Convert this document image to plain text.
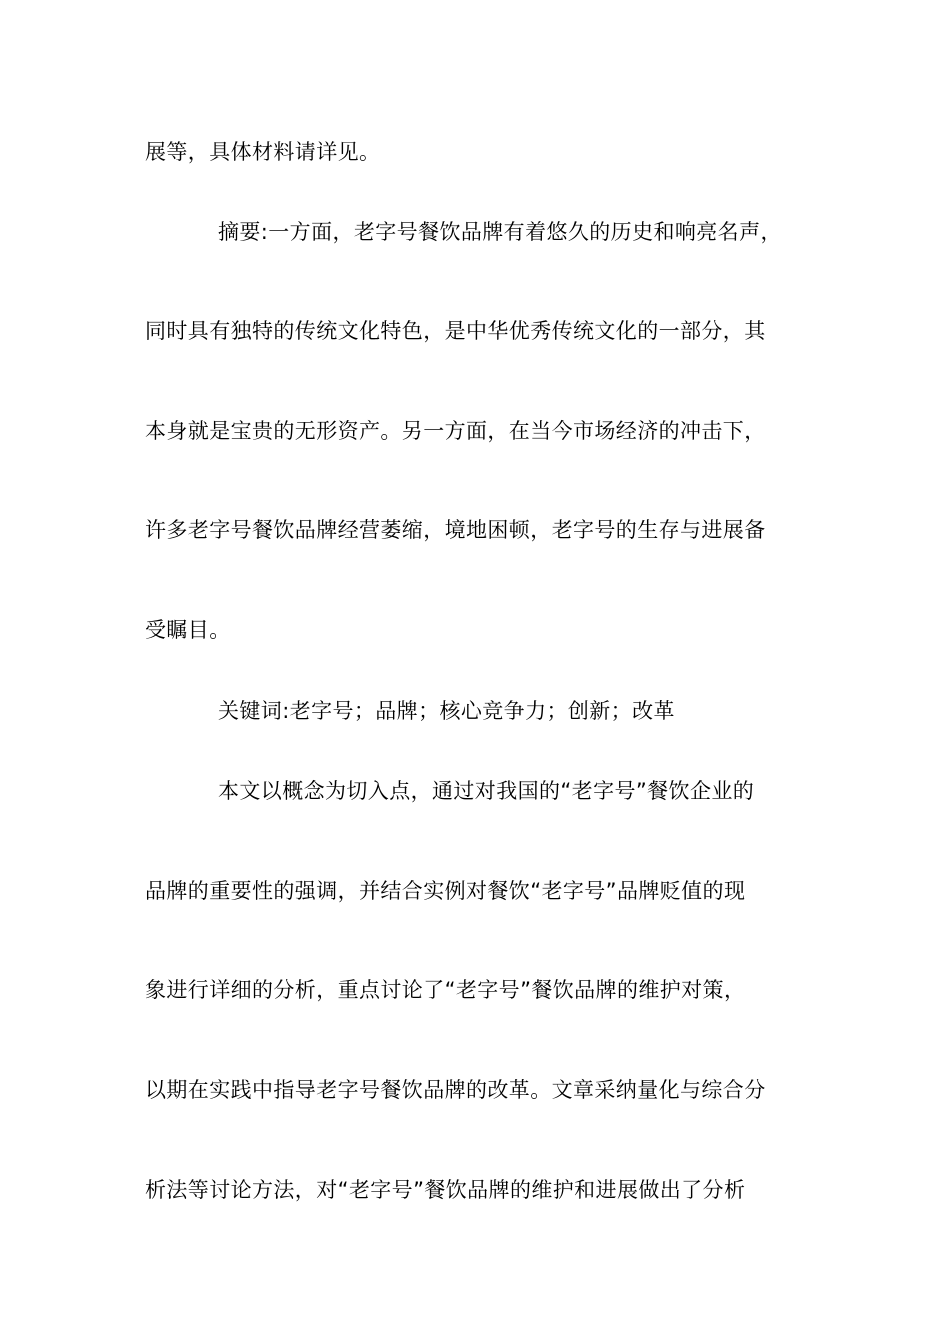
展等，具体材料请详见。
摘要:一方面，老字号餐饮品牌有着悠久的历史和响亮名声，
同时具有独特的传统文化特色，是中华优秀传统文化的一部分，其
本身就是宝贵的无形资产。另一方面，在当今市场经济的冲击下，
许多老字号餐饮品牌经营萎缩，境地困顿，老字号的生存与进展备
受瞩目。
关键词:老字号；品牌；核心竞争力；创新；改革
本文以概念为切入点，通过对我国的“老字号”餐饮企业的
品牌的重要性的强调，并结合实例对餐饮“老字号”品牌贬值的现
象进行详细的分析，重点讨论了“老字号”餐饮品牌的维护对策，
以期在实践中指导老字号餐饮品牌的改革。文章采纳量化与综合分
析法等讨论方法，对“老字号”餐饮品牌的维护和进展做出了分析
